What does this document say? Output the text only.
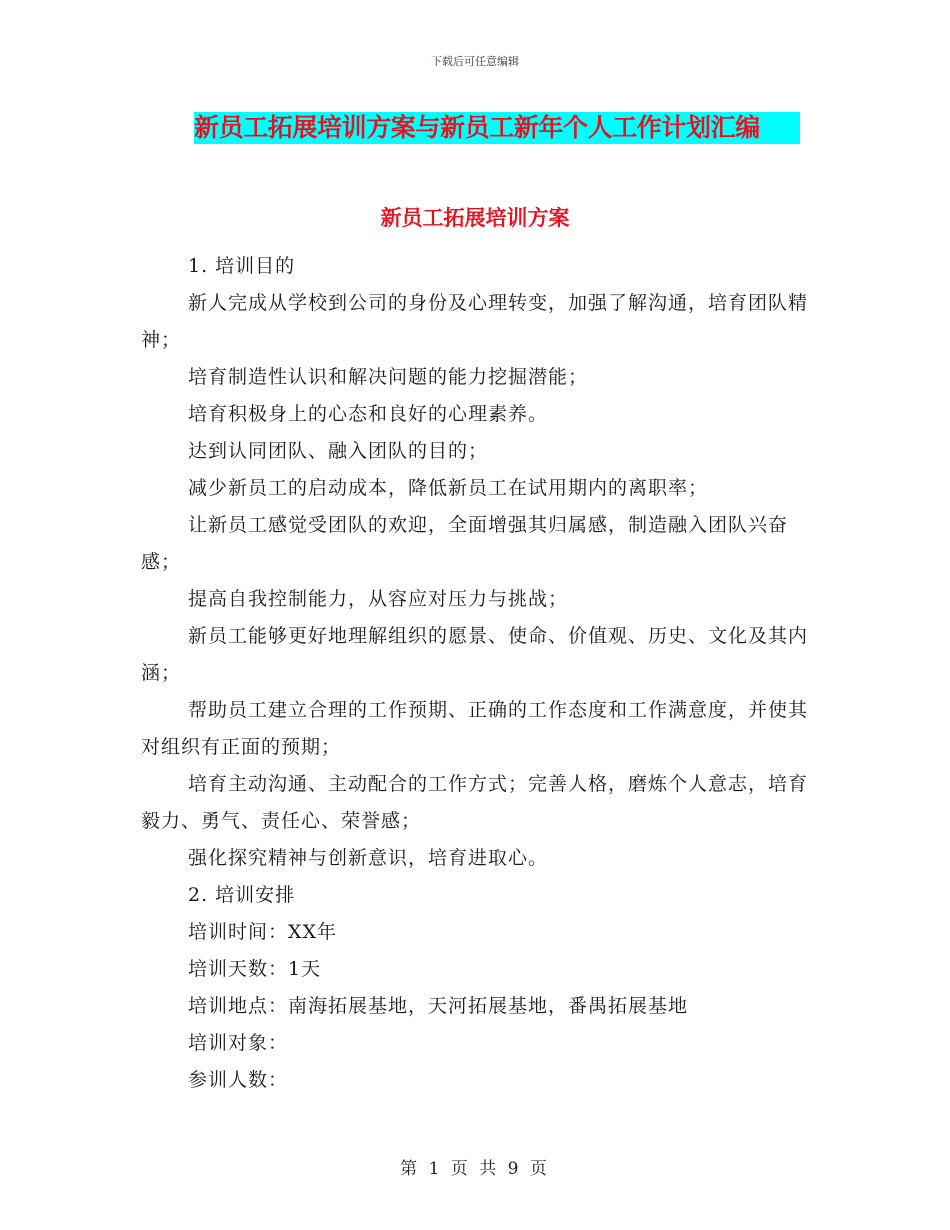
下载后可任意编辑
新员工拓展培训方案与新员工新年个人工作计划汇编
新员工拓展培训方案

1. 培训目的

新人完成从学校到公司的身份及心理转变，加强了解沟通，培育团队精神；

培育制造性认识和解决问题的能力挖掘潜能；

培育积极身上的心态和良好的心理素养。

达到认同团队、融入团队的目的；

减少新员工的启动成本，降低新员工在试用期内的离职率；

让新员工感觉受团队的欢迎，全面增强其归属感，制造融入团队兴奋感；

提高自我控制能力，从容应对压力与挑战；

新员工能够更好地理解组织的愿景、使命、价值观、历史、文化及其内涵；

帮助员工建立合理的工作预期、正确的工作态度和工作满意度，并使其对组织有正面的预期；

培育主动沟通、主动配合的工作方式；完善人格，磨炼个人意志，培育毅力、勇气、责任心、荣誉感；

强化探究精神与创新意识，培育进取心。

2. 培训安排

培训时间：XX年

培训天数：1天

培训地点：南海拓展基地，天河拓展基地，番禺拓展基地

培训对象：

参训人数：

第 1 页 共 9 页
